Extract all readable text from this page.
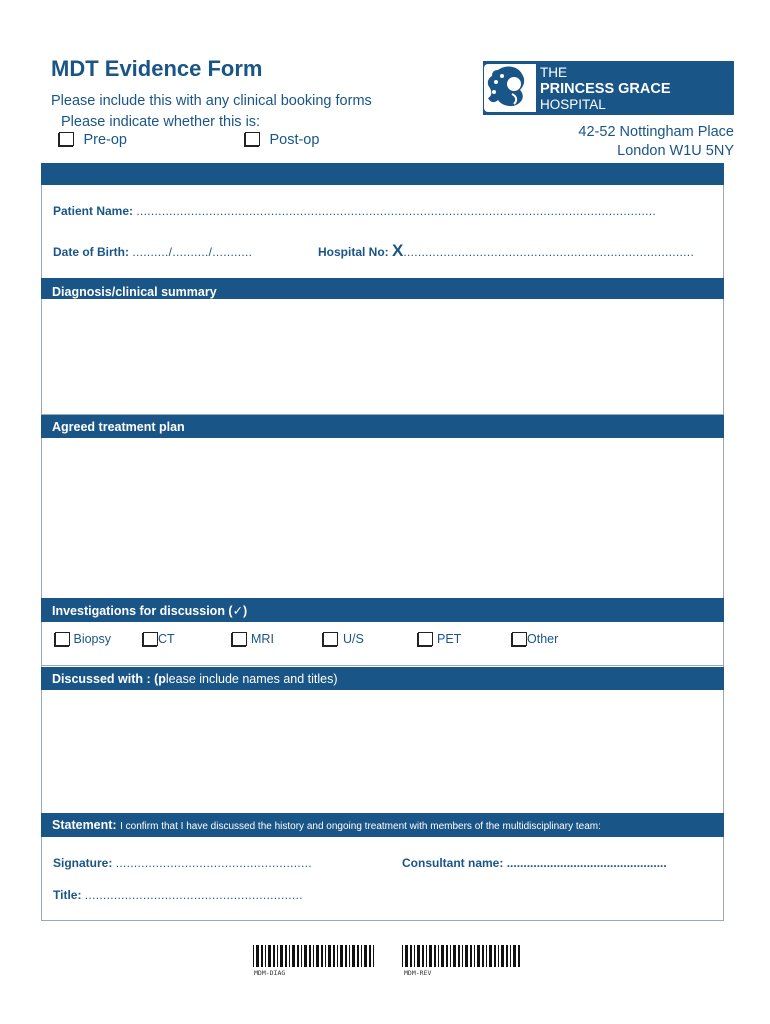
MDT Evidence Form
Please include this with any clinical booking forms
Please indicate whether this is:
Pre-op	Post-op
THE
PRINCESS GRACE
HOSPITAL
42-52 Nottingham Place
London W1U 5NY
Patient Name: ...............................................................................................................................................
Date of Birth: ........../........../...........	Hospital No: X................................................................................
Diagnosis/clinical summary
Agreed treatment plan
Investigations for discussion (✓)
Biopsy	CT	MRI	U/S	PET	Other
Discussed with : (please include names and titles)
Statement: I confirm that I have discussed the history and ongoing treatment with members of the multidisciplinary team:
Signature: ......................................................	Consultant name: ................................................
Title: ............................................................
MDM-DIAG	MDM-REV
